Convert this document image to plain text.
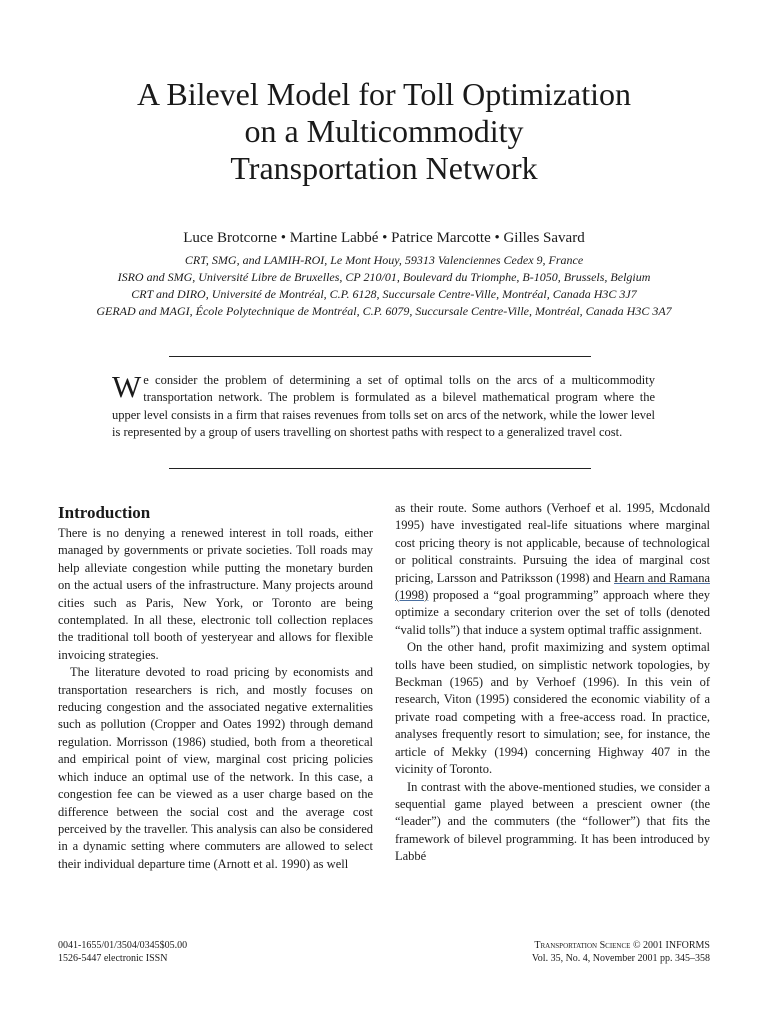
A Bilevel Model for Toll Optimization
on a Multicommodity
Transportation Network
Luce Brotcorne • Martine Labbé • Patrice Marcotte • Gilles Savard
CRT, SMG, and LAMIH-ROI, Le Mont Houy, 59313 Valenciennes Cedex 9, France
ISRO and SMG, Université Libre de Bruxelles, CP 210/01, Boulevard du Triomphe, B-1050, Brussels, Belgium
CRT and DIRO, Université de Montréal, C.P. 6128, Succursale Centre-Ville, Montréal, Canada H3C 3J7
GERAD and MAGI, École Polytechnique de Montréal, C.P. 6079, Succursale Centre-Ville, Montréal, Canada H3C 3A7
We consider the problem of determining a set of optimal tolls on the arcs of a multicommodity transportation network. The problem is formulated as a bilevel mathematical program where the upper level consists in a firm that raises revenues from tolls set on arcs of the network, while the lower level is represented by a group of users travelling on shortest paths with respect to a generalized travel cost.
Introduction

There is no denying a renewed interest in toll roads, either managed by governments or private societies. Toll roads may help alleviate congestion while putting the monetary burden on the actual users of the infrastructure. Many projects around cities such as Paris, New York, or Toronto are being contemplated. In all these, electronic toll collection replaces the traditional toll booth of yesteryear and allows for flexible invoicing strategies.

The literature devoted to road pricing by economists and transportation researchers is rich, and mostly focuses on reducing congestion and the associated negative externalities such as pollution (Cropper and Oates 1992) through demand regulation. Morrisson (1986) studied, both from a theoretical and empirical point of view, marginal cost pricing policies which induce an optimal use of the network. In this case, a congestion fee can be viewed as a user charge based on the difference between the social cost and the average cost perceived by the traveller. This analysis can also be considered in a dynamic setting where commuters are allowed to select their individual departure time (Arnott et al. 1990) as well

as their route. Some authors (Verhoef et al. 1995, Mcdonald 1995) have investigated real-life situations where marginal cost pricing theory is not applicable, because of technological or political constraints. Pursuing the idea of marginal cost pricing, Larsson and Patriksson (1998) and Hearn and Ramana (1998) proposed a “goal programming” approach where they optimize a secondary criterion over the set of tolls (denoted “valid tolls”) that induce a system optimal traffic assignment.

On the other hand, profit maximizing and system optimal tolls have been studied, on simplistic network topologies, by Beckman (1965) and by Verhoef (1996). In this vein of research, Viton (1995) considered the economic viability of a private road competing with a free-access road. In practice, analyses frequently resort to simulation; see, for instance, the article of Mekky (1994) concerning Highway 407 in the vicinity of Toronto.

In contrast with the above-mentioned studies, we consider a sequential game played between a prescient owner (the “leader”) and the commuters (the “follower”) that fits the framework of bilevel programming. It has been introduced by Labbé

0041-1655/01/3504/0345$05.00
1526-5447 electronic ISSN
Transportation Science © 2001 INFORMS
Vol. 35, No. 4, November 2001 pp. 345–358
